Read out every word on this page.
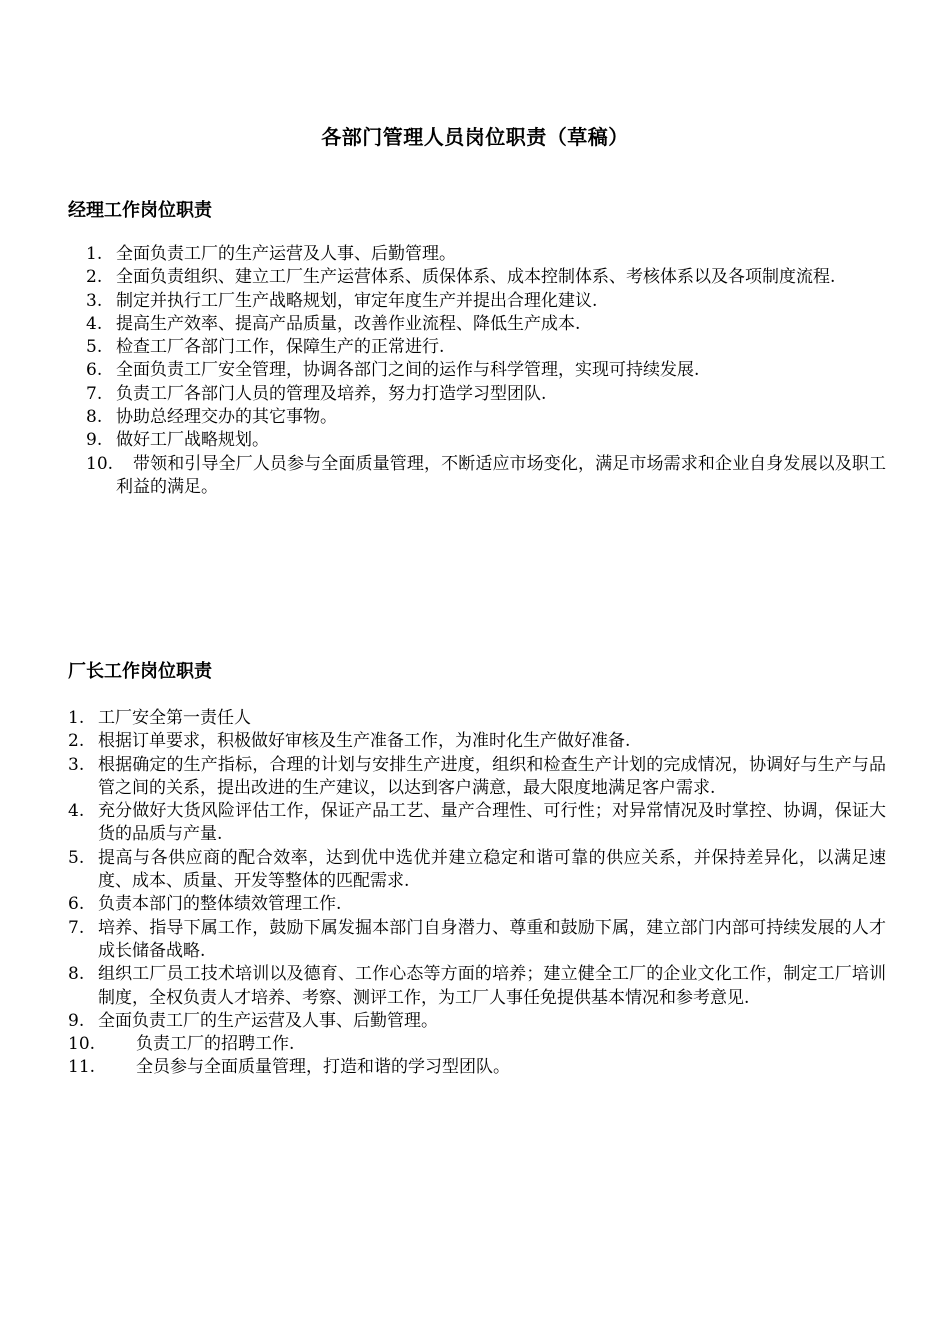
各部门管理人员岗位职责（草稿）
经理工作岗位职责
1. 全面负责工厂的生产运营及人事、后勤管理。
2. 全面负责组织、建立工厂生产运营体系、质保体系、成本控制体系、考核体系以及各项制度流程.
3. 制定并执行工厂生产战略规划，审定年度生产并提出合理化建议.
4. 提高生产效率、提高产品质量，改善作业流程、降低生产成本.
5. 检查工厂各部门工作，保障生产的正常进行.
6. 全面负责工厂安全管理，协调各部门之间的运作与科学管理，实现可持续发展.
7. 负责工厂各部门人员的管理及培养，努力打造学习型团队.
8. 协助总经理交办的其它事物。
9. 做好工厂战略规划。
10.	带领和引导全厂人员参与全面质量管理，不断适应市场变化，满足市场需求和企业自身发展以及职工利益的满足。
厂长工作岗位职责
1. 工厂安全第一责任人
2. 根据订单要求，积极做好审核及生产准备工作，为准时化生产做好准备.
3. 根据确定的生产指标，合理的计划与安排生产进度，组织和检查生产计划的完成情况，协调好与生产与品管之间的关系，提出改进的生产建议，以达到客户满意，最大限度地满足客户需求.
4. 充分做好大货风险评估工作，保证产品工艺、量产合理性、可行性；对异常情况及时掌控、协调，保证大货的品质与产量.
5. 提高与各供应商的配合效率，达到优中选优并建立稳定和谐可靠的供应关系，并保持差异化，以满足速度、成本、质量、开发等整体的匹配需求.
6. 负责本部门的整体绩效管理工作.
7. 培养、指导下属工作，鼓励下属发掘本部门自身潜力、尊重和鼓励下属，建立部门内部可持续发展的人才成长储备战略.
8. 组织工厂员工技术培训以及德育、工作心态等方面的培养；建立健全工厂的企业文化工作，制定工厂培训制度，全权负责人才培养、考察、测评工作，为工厂人事任免提供基本情况和参考意见.
9. 全面负责工厂的生产运营及人事、后勤管理。
10. 负责工厂的招聘工作.
11. 全员参与全面质量管理，打造和谐的学习型团队。
